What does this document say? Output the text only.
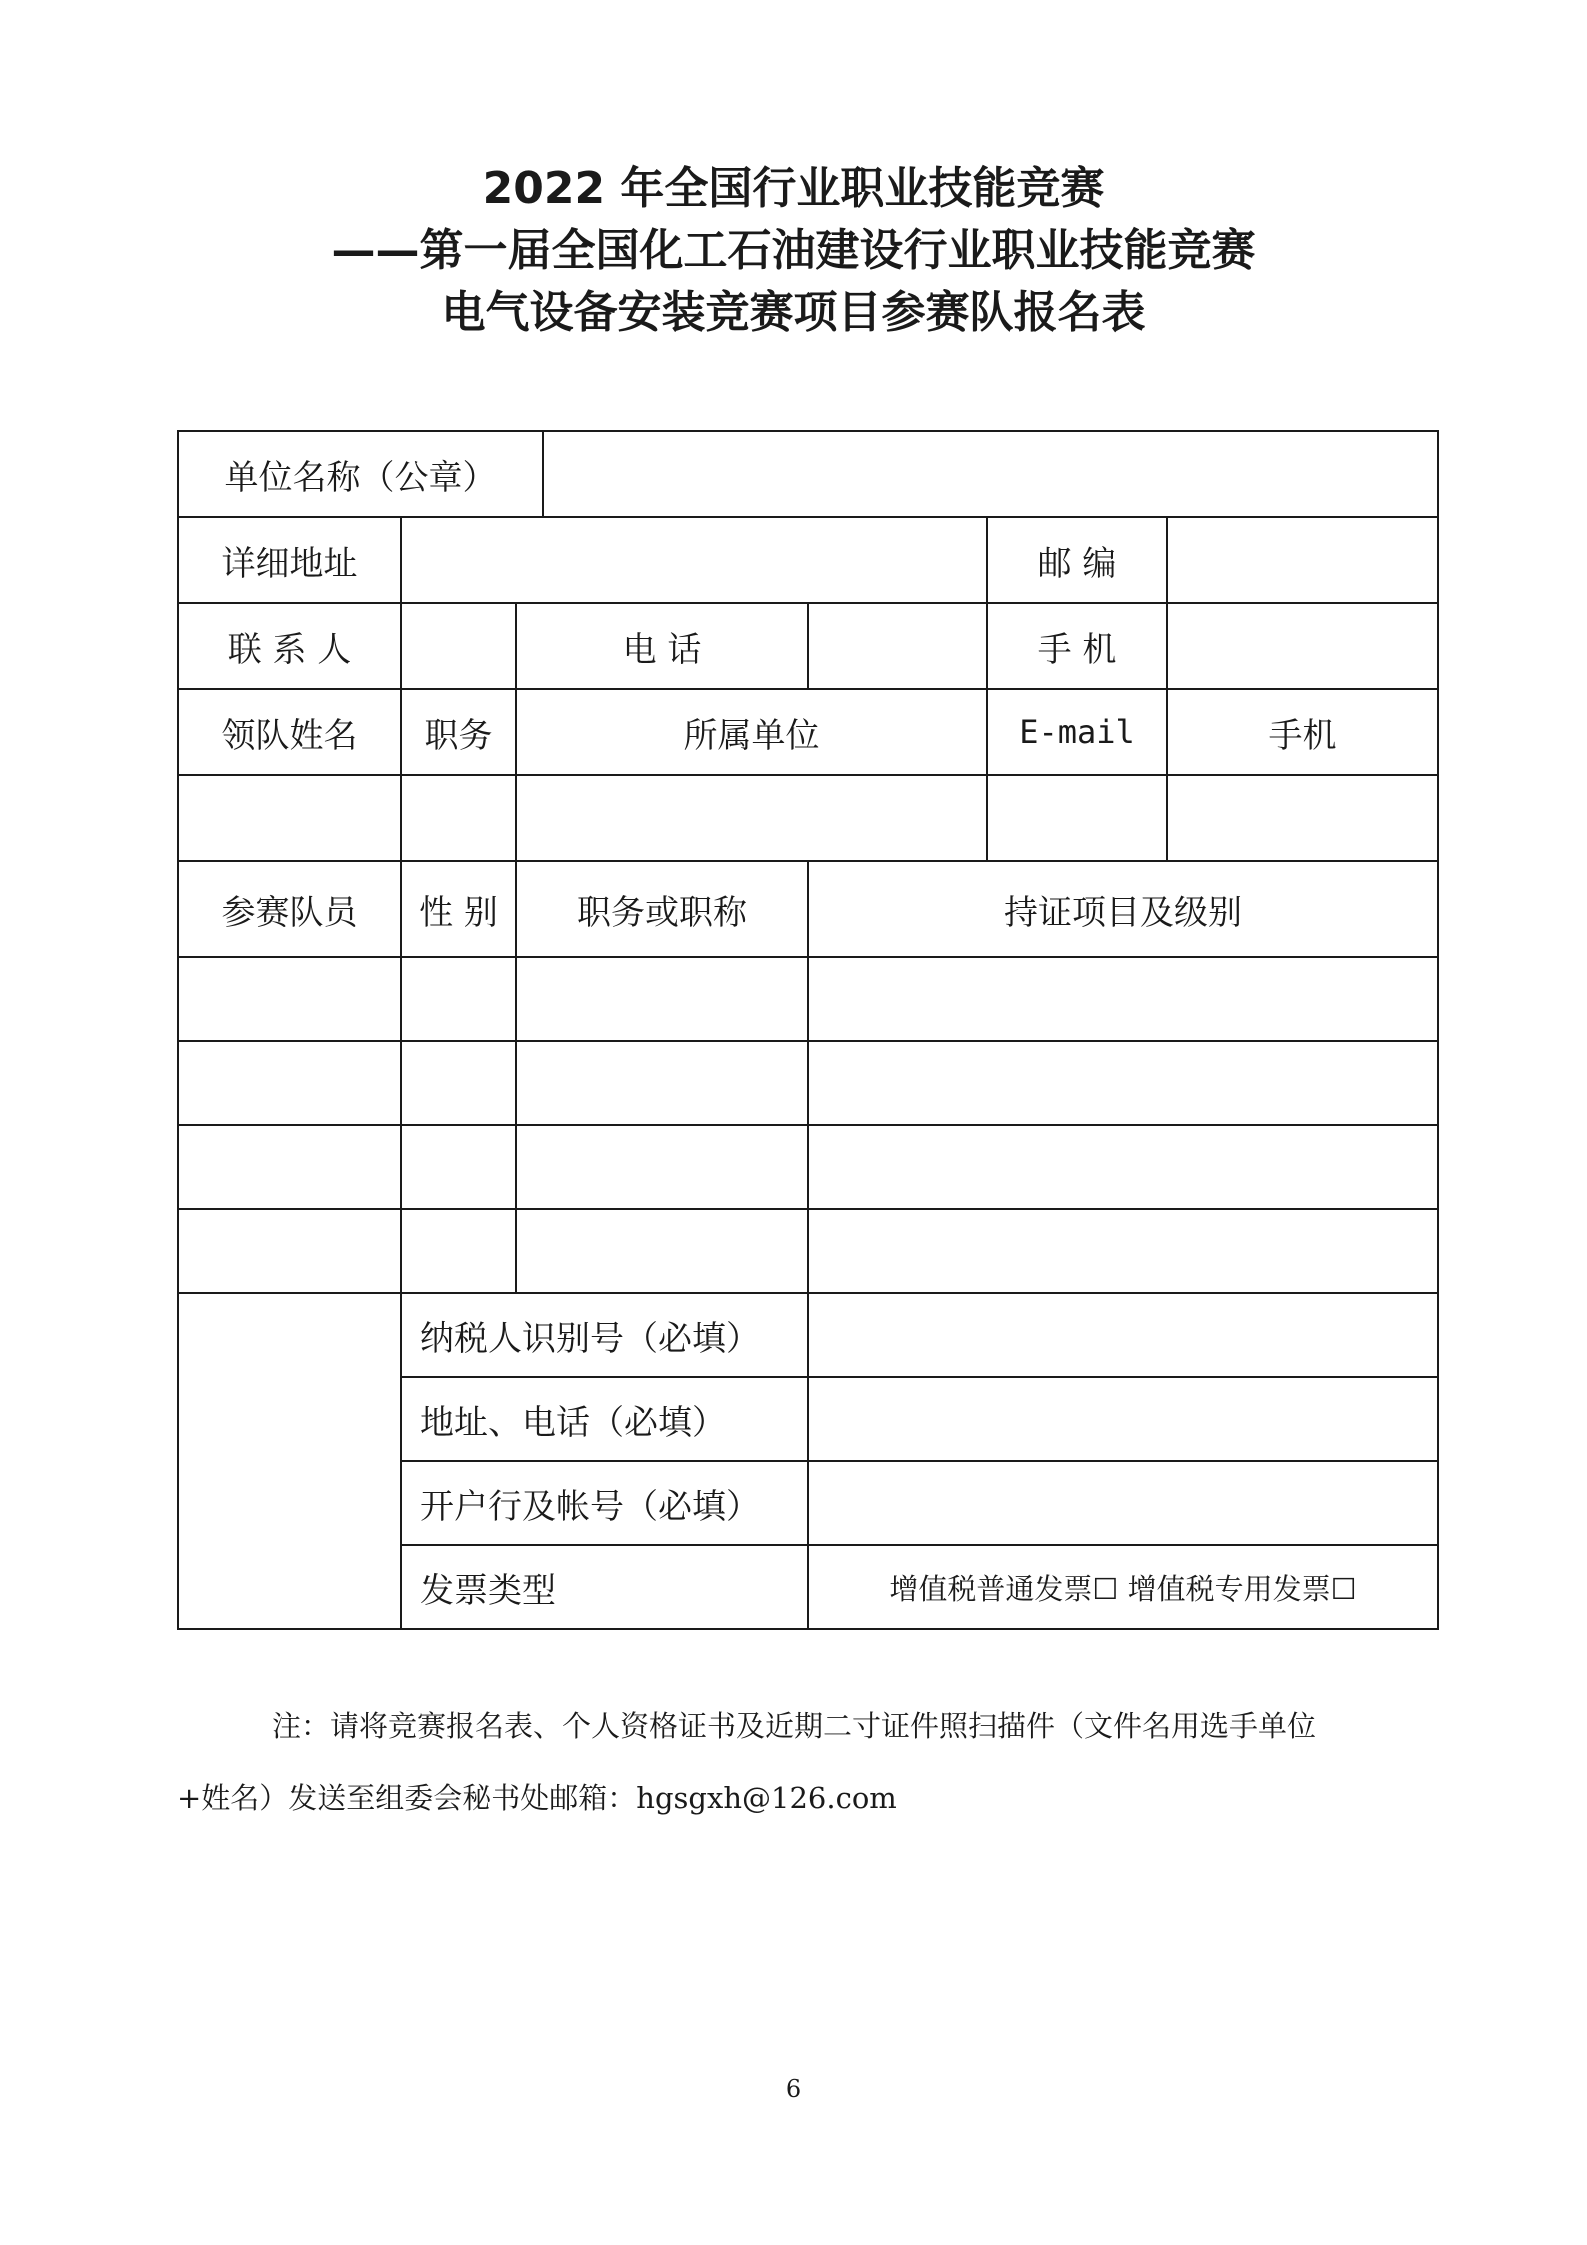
2022 年全国行业职业技能竞赛
——第一届全国化工石油建设行业职业技能竞赛
电气设备安装竞赛项目参赛队报名表
单位名称（公章）						
详细地址					邮 编	
联 系 人		电 话			手 机	
领队姓名	职务	所属单位			E-mail	手机

参赛队员	性 别	职务或职称		持证项目及级别		

	纳税人识别号（必填）					
	地址、电话（必填）					
	开户行及帐号（必填）					
	发票类型			增值税普通发票☐ 增值税专用发票☐		
注：请将竞赛报名表、个人资格证书及近期二寸证件照扫描件（文件名用选手单位
+姓名）发送至组委会秘书处邮箱：hgsgxh@126.com
6
